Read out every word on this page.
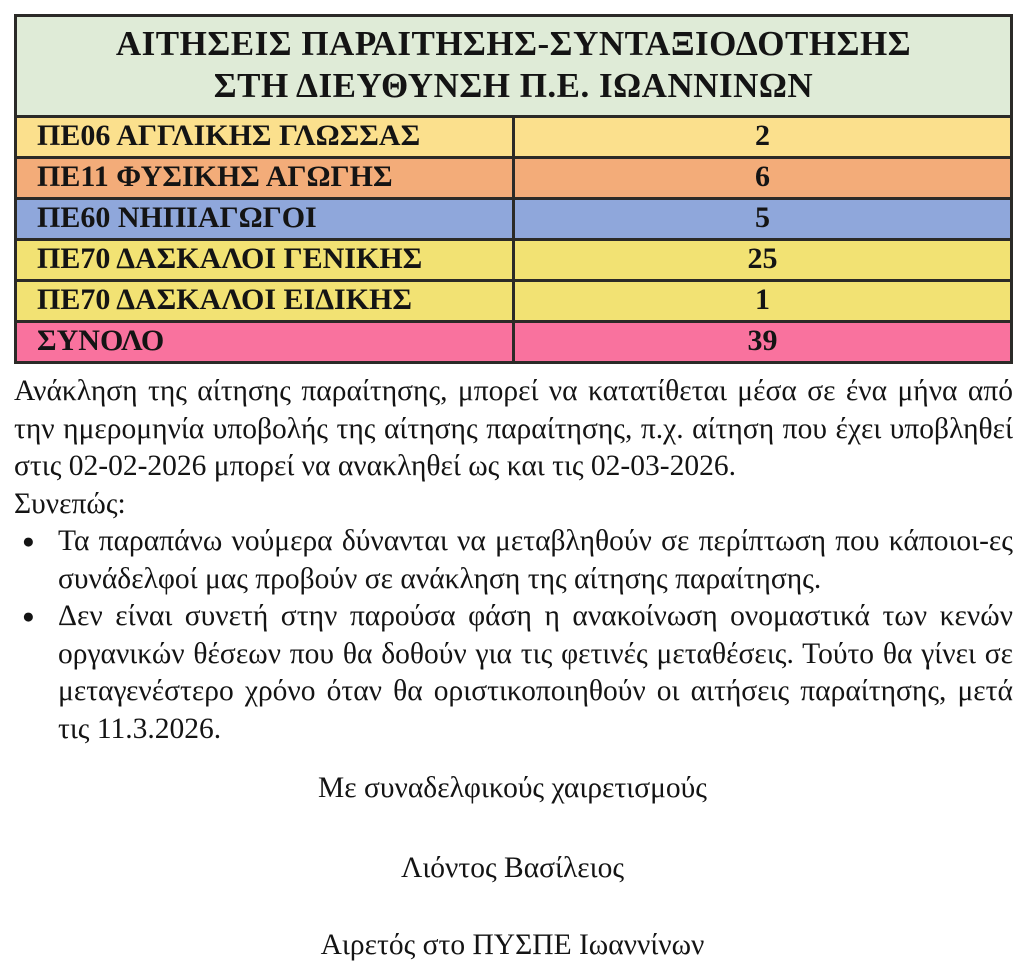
ΑΙΤΗΣΕΙΣ ΠΑΡΑΙΤΗΣΗΣ-ΣΥΝΤΑΞΙΟΔΟΤΗΣΗΣ
ΣΤΗ ΔΙΕΥΘΥΝΣΗ Π.Ε. ΙΩΑΝΝΙΝΩΝ	

ΠΕ06 ΑΓΓΛΙΚΗΣ ΓΛΩΣΣΑΣ	2
ΠΕ11 ΦΥΣΙΚΗΣ ΑΓΩΓΗΣ	6
ΠΕ60 ΝΗΠΙΑΓΩΓΟΙ	5
ΠΕ70 ΔΑΣΚΑΛΟΙ ΓΕΝΙΚΗΣ	25
ΠΕ70 ΔΑΣΚΑΛΟΙ ΕΙΔΙΚΗΣ	1
ΣΥΝΟΛΟ	39

Ανάκληση της αίτησης παραίτησης, μπορεί να κατατίθεται μέσα σε ένα μήνα από την ημερομηνία υποβολής της αίτησης παραίτησης, π.χ. αίτηση που έχει υποβληθεί στις 02-02-2026 μπορεί να ανακληθεί ως και τις 02-03-2026.

Συνεπώς:

● Τα παραπάνω νούμερα δύνανται να μεταβληθούν σε περίπτωση που κάποιοι-ες συνάδελφοί μας προβούν σε ανάκληση της αίτησης παραίτησης.
● Δεν είναι συνετή στην παρούσα φάση η ανακοίνωση ονομαστικά των κενών οργανικών θέσεων που θα δοθούν για τις φετινές μεταθέσεις. Τούτο θα γίνει σε μεταγενέστερο χρόνο όταν θα οριστικοποιηθούν οι αιτήσεις παραίτησης, μετά τις 11.3.2026.

Με συναδελφικούς χαιρετισμούς

Λιόντος Βασίλειος

Αιρετός στο ΠΥΣΠΕ Ιωαννίνων
